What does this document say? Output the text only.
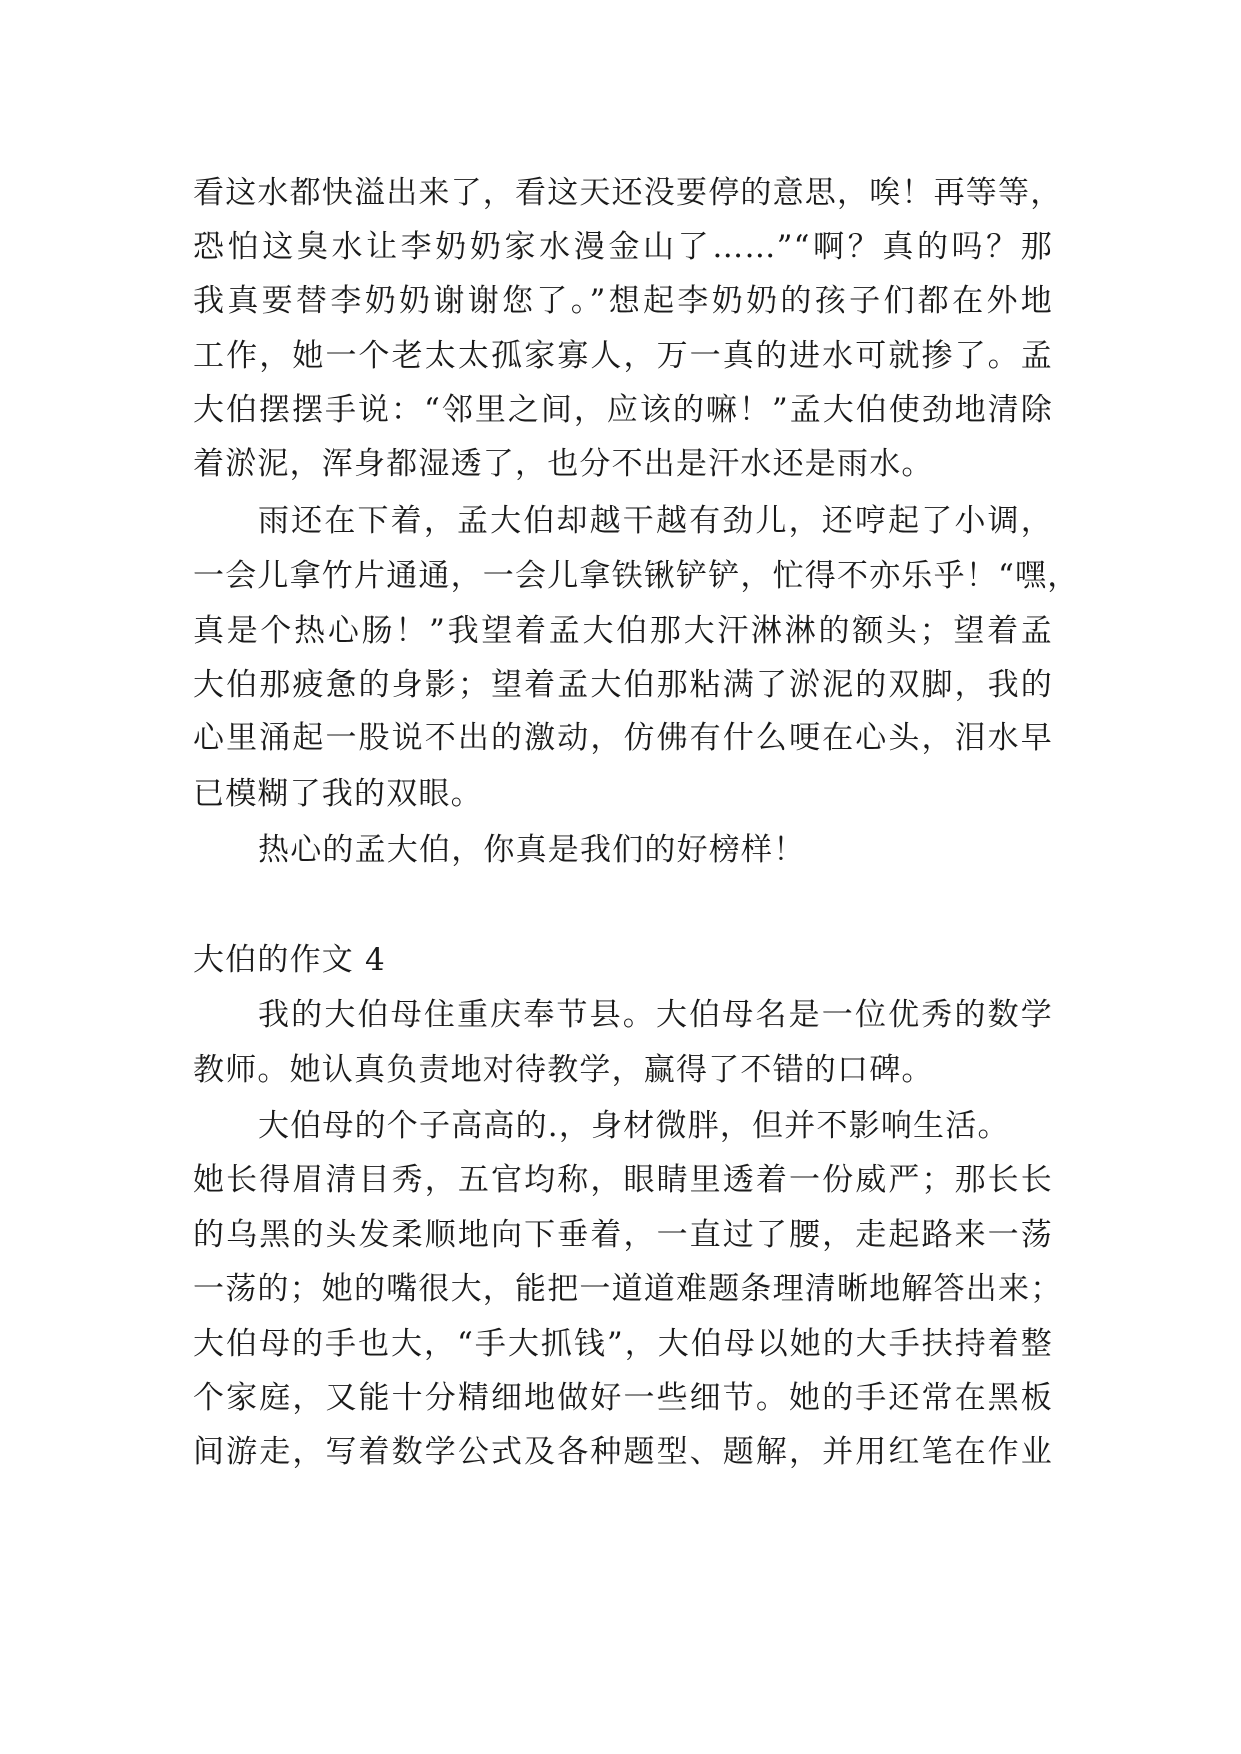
看这水都快溢出来了，看这天还没要停的意思，唉！再等等，
恐怕这臭水让李奶奶家水漫金山了……”“啊？真的吗？那
我真要替李奶奶谢谢您了。”想起李奶奶的孩子们都在外地
工作，她一个老太太孤家寡人，万一真的进水可就掺了。孟
大伯摆摆手说：“邻里之间，应该的嘛！”孟大伯使劲地清除
着淤泥，浑身都湿透了，也分不出是汗水还是雨水。
雨还在下着，孟大伯却越干越有劲儿，还哼起了小调，
一会儿拿竹片通通，一会儿拿铁锹铲铲，忙得不亦乐乎！“嘿，
真是个热心肠！”我望着孟大伯那大汗淋淋的额头；望着孟
大伯那疲惫的身影；望着孟大伯那粘满了淤泥的双脚，我的
心里涌起一股说不出的激动，仿佛有什么哽在心头，泪水早
已模糊了我的双眼。
热心的孟大伯，你真是我们的好榜样！
大伯的作文 4
我的大伯母住重庆奉节县。大伯母名是一位优秀的数学
教师。她认真负责地对待教学，赢得了不错的口碑。
大伯母的个子高高的.，身材微胖，但并不影响生活。
她长得眉清目秀，五官均称，眼睛里透着一份威严；那长长
的乌黑的头发柔顺地向下垂着，一直过了腰，走起路来一荡
一荡的；她的嘴很大，能把一道道难题条理清晰地解答出来；
大伯母的手也大，“手大抓钱”，大伯母以她的大手扶持着整
个家庭，又能十分精细地做好一些细节。她的手还常在黑板
间游走，写着数学公式及各种题型、题解，并用红笔在作业
